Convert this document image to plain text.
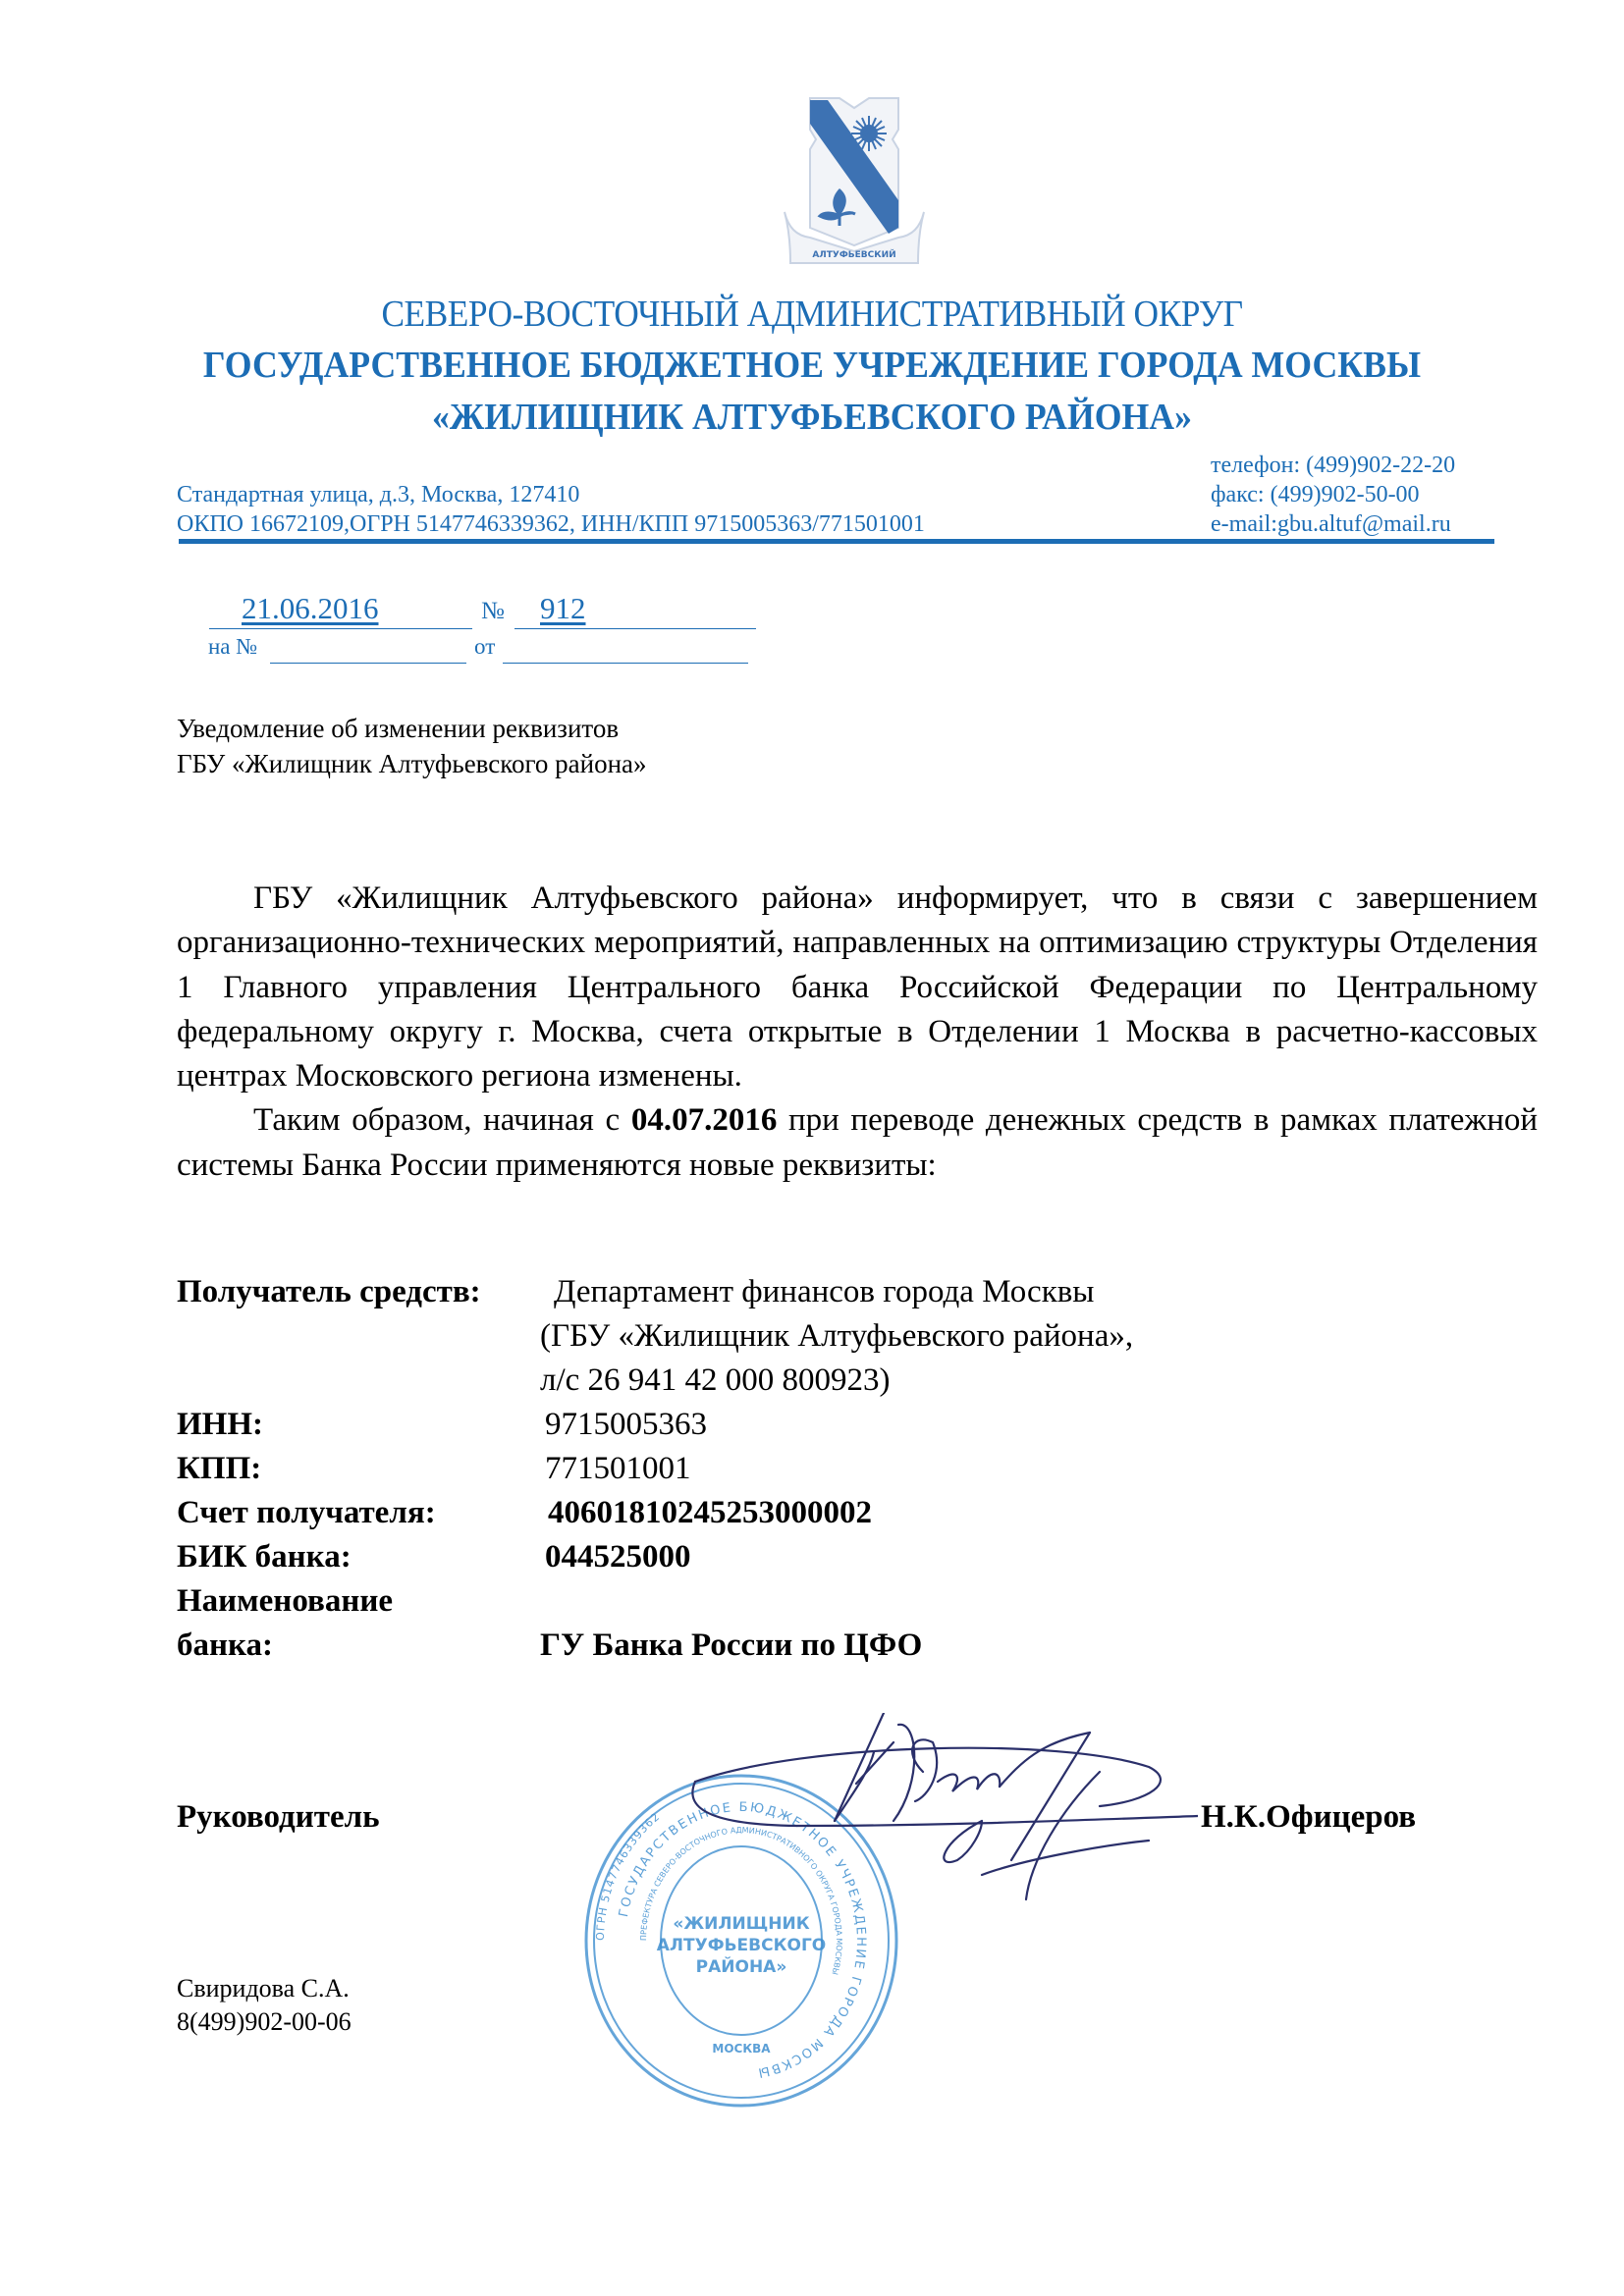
АЛТУФЬЕВСКИЙ
СЕВЕРО-ВОСТОЧНЫЙ АДМИНИСТРАТИВНЫЙ ОКРУГ
ГОСУДАРСТВЕННОЕ БЮДЖЕТНОЕ УЧРЕЖДЕНИЕ ГОРОДА МОСКВЫ
«ЖИЛИЩНИК АЛТУФЬЕВСКОГО РАЙОНА»
Стандартная улица, д.3, Москва, 127410
ОКПО 16672109,ОГРН 5147746339362, ИНН/КПП 9715005363/771501001
телефон: (499)902-22-20
факс: (499)902-50-00
e-mail:gbu.altuf@mail.ru
21.06.2016	№ 912
на №	от
Уведомление об изменении реквизитов
ГБУ «Жилищник Алтуфьевского района»

ГБУ «Жилищник Алтуфьевского района» информирует, что в связи с завершением организационно-технических мероприятий, направленных на оптимизацию структуры Отделения 1 Главного управления Центрального банка Российской Федерации по Центральному федеральному округу г. Москва, счета открытые в Отделении 1 Москва в расчетно-кассовых центрах Московского региона изменены.

Таким образом, начиная с 04.07.2016 при переводе денежных средств в рамках платежной системы Банка России применяются новые реквизиты:

Получатель средств: Департамент финансов города Москвы
(ГБУ «Жилищник Алтуфьевского района»,
л/с 26 941 42 000 800923)
ИНН:	9715005363
КПП:	771501001
Счет получателя:	40601810245253000002
БИК банка:	044525000
Наименование
банка:	ГУ Банка России по ЦФО
ОГРН 5147746339362
ГОСУДАРСТВЕННОЕ БЮДЖЕТНОЕ УЧРЕЖДЕНИЕ ГОРОДА МОСКВЫ
ПРЕФЕКТУРА СЕВЕРО-ВОСТОЧНОГО АДМИНИСТРАТИВНОГО ОКРУГА ГОРОДА МОСКВЫ
«ЖИЛИЩНИК
АЛТУФЬЕВСКОГО
РАЙОНА»
МОСКВА
Руководитель	Н.К.Офицеров
Свиридова С.А.
8(499)902-00-06
